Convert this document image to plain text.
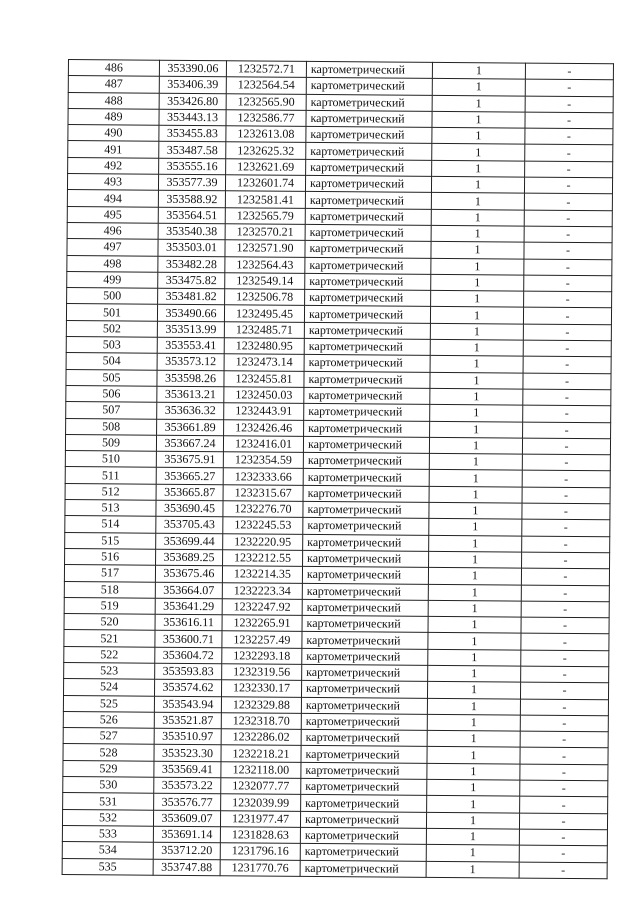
486	353390.06	1232572.71	картометрический	1	-
487	353406.39	1232564.54	картометрический	1	-
488	353426.80	1232565.90	картометрический	1	-
489	353443.13	1232586.77	картометрический	1	-
490	353455.83	1232613.08	картометрический	1	-
491	353487.58	1232625.32	картометрический	1	-
492	353555.16	1232621.69	картометрический	1	-
493	353577.39	1232601.74	картометрический	1	-
494	353588.92	1232581.41	картометрический	1	-
495	353564.51	1232565.79	картометрический	1	-
496	353540.38	1232570.21	картометрический	1	-
497	353503.01	1232571.90	картометрический	1	-
498	353482.28	1232564.43	картометрический	1	-
499	353475.82	1232549.14	картометрический	1	-
500	353481.82	1232506.78	картометрический	1	-
501	353490.66	1232495.45	картометрический	1	-
502	353513.99	1232485.71	картометрический	1	-
503	353553.41	1232480.95	картометрический	1	-
504	353573.12	1232473.14	картометрический	1	-
505	353598.26	1232455.81	картометрический	1	-
506	353613.21	1232450.03	картометрический	1	-
507	353636.32	1232443.91	картометрический	1	-
508	353661.89	1232426.46	картометрический	1	-
509	353667.24	1232416.01	картометрический	1	-
510	353675.91	1232354.59	картометрический	1	-
511	353665.27	1232333.66	картометрический	1	-
512	353665.87	1232315.67	картометрический	1	-
513	353690.45	1232276.70	картометрический	1	-
514	353705.43	1232245.53	картометрический	1	-
515	353699.44	1232220.95	картометрический	1	-
516	353689.25	1232212.55	картометрический	1	-
517	353675.46	1232214.35	картометрический	1	-
518	353664.07	1232223.34	картометрический	1	-
519	353641.29	1232247.92	картометрический	1	-
520	353616.11	1232265.91	картометрический	1	-
521	353600.71	1232257.49	картометрический	1	-
522	353604.72	1232293.18	картометрический	1	-
523	353593.83	1232319.56	картометрический	1	-
524	353574.62	1232330.17	картометрический	1	-
525	353543.94	1232329.88	картометрический	1	-
526	353521.87	1232318.70	картометрический	1	-
527	353510.97	1232286.02	картометрический	1	-
528	353523.30	1232218.21	картометрический	1	-
529	353569.41	1232118.00	картометрический	1	-
530	353573.22	1232077.77	картометрический	1	-
531	353576.77	1232039.99	картометрический	1	-
532	353609.07	1231977.47	картометрический	1	-
533	353691.14	1231828.63	картометрический	1	-
534	353712.20	1231796.16	картометрический	1	-
535	353747.88	1231770.76	картометрический	1	-
